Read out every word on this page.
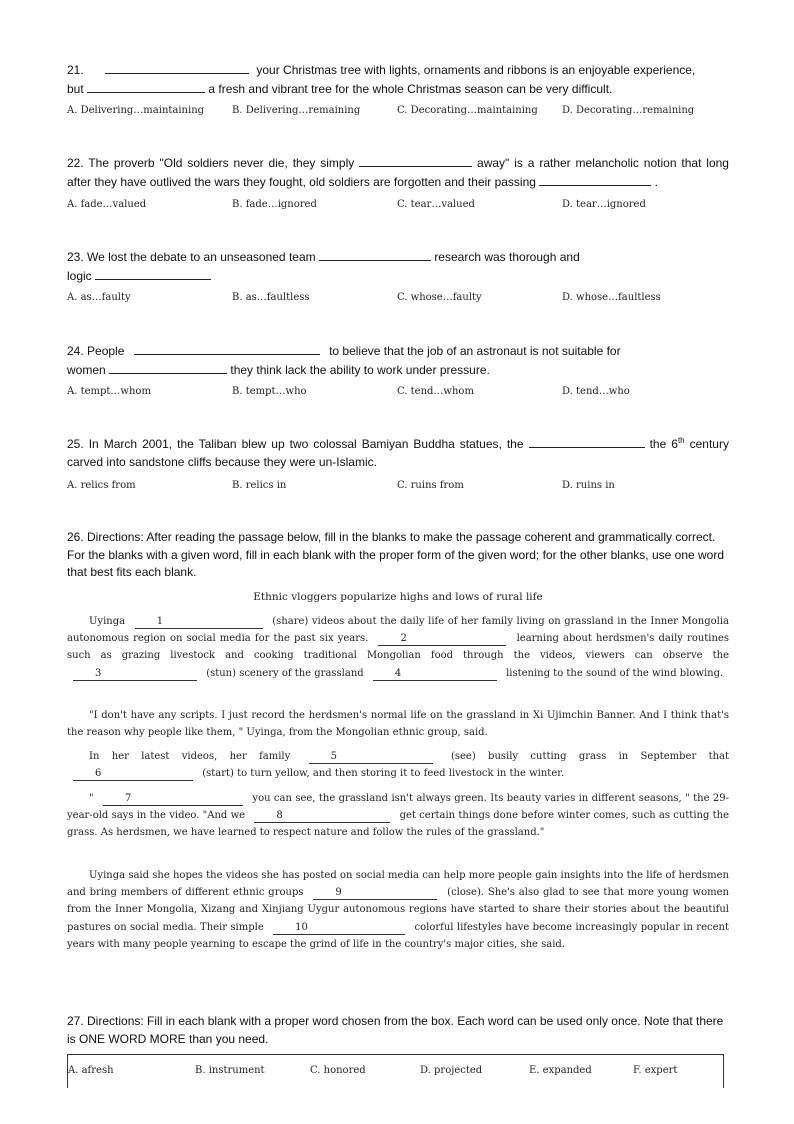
21.	your Christmas tree with lights, ornaments and ribbons is an enjoyable experience,
but	a fresh and vibrant tree for the whole Christmas season can be very difficult.
A. Delivering…maintaining	B. Delivering…remaining	C. Decorating…maintaining D. Decorating…remaining
22. The proverb "Old soldiers never die, they simply	away" is a rather melancholic notion that long after they have outlived the wars they fought, old soldiers are forgotten and their passing	.
A. fade…valued	B. fade…ignored	C. tear…valued	D. tear…ignored
23. We lost the debate to an unseasoned team	research was thorough and
logic
A. as…faulty	B. as…faultless	C. whose…faulty	D. whose…faultless
24. People	to believe that the job of an astronaut is not suitable for
women	they think lack the ability to work under pressure.
A. tempt…whom	B. tempt…who	C. tend…whom	D. tend…who
25. In March 2001, the Taliban blew up two colossal Bamiyan Buddha statues, the	the 6th century carved into sandstone cliffs because they were un-Islamic.
A. relics from	B. relics in	C. ruins from	D. ruins in
26. Directions: After reading the passage below, fill in the blanks to make the passage coherent and grammatically correct. For the blanks with a given word, fill in each blank with the proper form of the given word; for the other blanks, use one word that best fits each blank.
Ethnic vloggers popularize highs and lows of rural life
Uyinga	1	(share) videos about the daily life of her family living on grassland in the Inner Mongolia autonomous region on social media for the past six years.	2	learning about herdsmen's daily routines such as grazing livestock and cooking traditional Mongolian food through the videos, viewers can observe the 3	(stun) scenery of the grassland	4	listening to the sound of the wind blowing.
"I don't have any scripts. I just record the herdsmen's normal life on the grassland in Xi Ujimchin Banner. And I think that's the reason why people like them, " Uyinga, from the Mongolian ethnic group, said.
In her latest videos, her family	5	(see) busily cutting grass in September that 6	(start) to turn yellow, and then storing it to feed livestock in the winter.
"	7	you can see, the grassland isn't always green. Its beauty varies in different seasons, " the 29-year-old says in the video. "And we	8	get certain things done before winter comes, such as cutting the grass. As herdsmen, we have learned to respect nature and follow the rules of the grassland."
Uyinga said she hopes the videos she has posted on social media can help more people gain insights into the life of herdsmen and bring members of different ethnic groups	9	(close). She's also glad to see that more young women from the Inner Mongolia, Xizang and Xinjiang Uygur autonomous regions have started to share their stories about the beautiful pastures on social media. Their simple	10	colorful lifestyles have become increasingly popular in recent years with many people yearning to escape the grind of life in the country's major cities, she said.
27. Directions: Fill in each blank with a proper word chosen from the box. Each word can be used only once. Note that there is ONE WORD MORE than you need.
A. afresh	B. instrument	C. honored	D. projected	E. expanded	F. expert
